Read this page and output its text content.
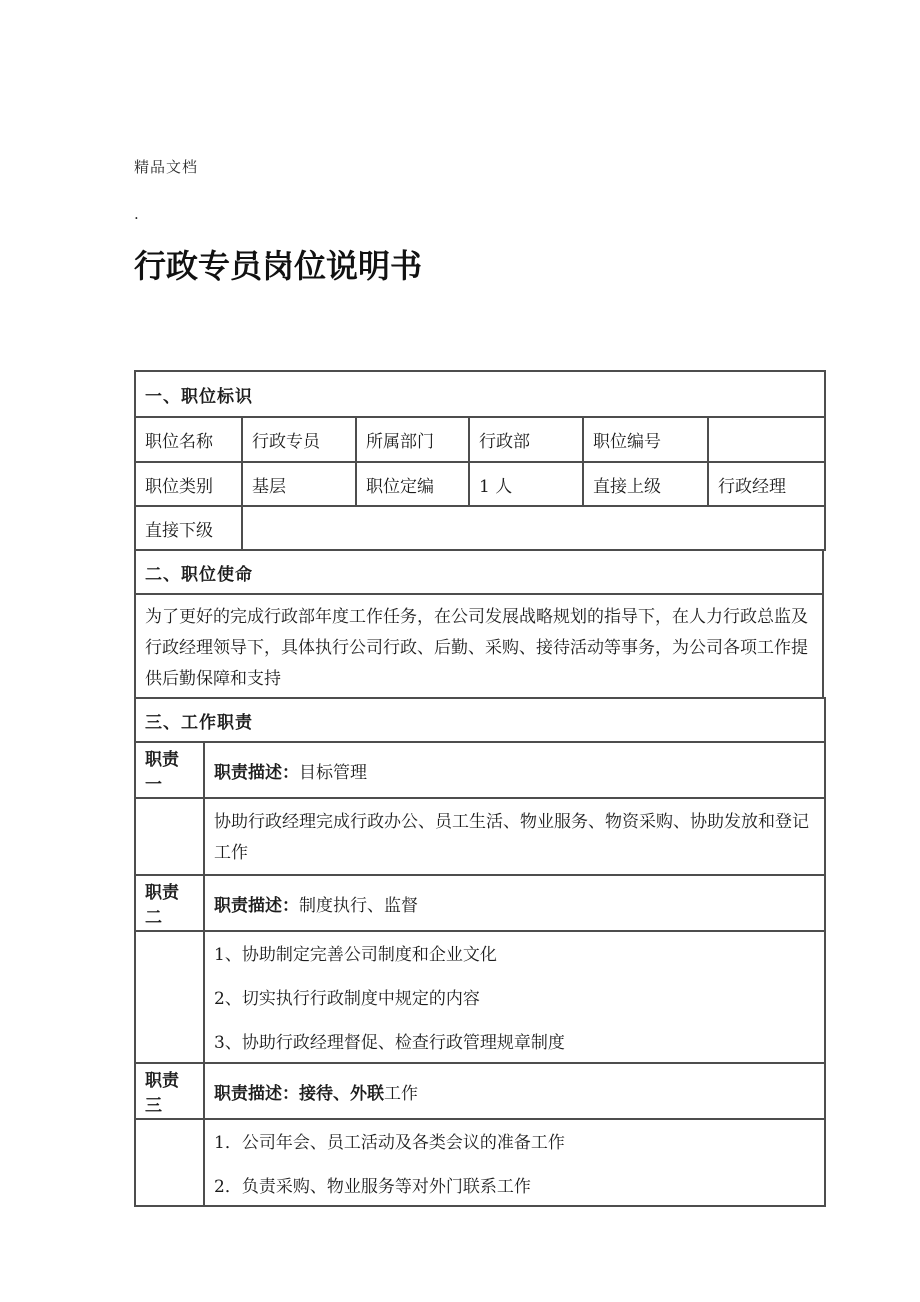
精品文档
.
行政专员岗位说明书
一、职位标识					
职位名称	行政专员	所属部门	行政部	职位编号	
职位类别	基层	职位定编	1 人	直接上级	行政经理
直接下级					
二、职位使命
为了更好的完成行政部年度工作任务，在公司发展战略规划的指导下，在人力行政总监及行政经理领导下，具体执行公司行政、后勤、采购、接待活动等事务，为公司各项工作提供后勤保障和支持
三、工作职责	
职责一	职责描述：目标管理

	协助行政经理完成行政办公、员工生活、物业服务、物资采购、协助发放和登记工作

职责二	职责描述：制度执行、监督

	1、协助制定完善公司制度和企业文化
2、切实执行行政制度中规定的内容
3、协助行政经理督促、检查行政管理规章制度

职责三	职责描述：接待、外联工作

	1．公司年会、员工活动及各类会议的准备工作
2．负责采购、物业服务等对外门联系工作
